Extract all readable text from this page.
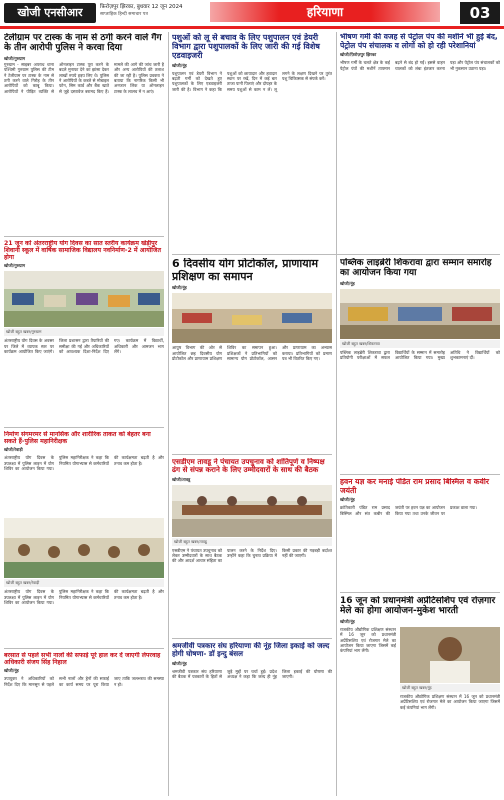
खोजी एनसीआर	फ़िरोज़पुर झिरका, बुधवार 12 जून 2024
साप्ताहिक हिन्दी समाचार पत्र	हरियाणा	03
टेलीग्राम पर टास्क के नाम से ठगी करने वाले गैंग के तीन आरोपी पुलिस ने करवा दिया
खोजी/गुरुग्राम
गुरुग्राम - साइबर अपराध थाना पश्चिमी गुरुग्राम पुलिस की टीम ने टेलीग्राम पर टास्क के नाम से ठगी करने वाले गिरोह के तीन आरोपियों को काबू किया। आरोपियों ने पीड़ित व्यक्ति से ऑनलाइन टास्क पूरा करने के बदले मुनाफा देने का झांसा देकर लाखों रुपये हड़प लिए थे। पुलिस ने आरोपियों के कब्जे से मोबाइल फोन, सिम कार्ड और बैंक खाते से जुड़े दस्तावेज बरामद किए हैं। मामले की आगे की जांच जारी है और अन्य आरोपियों की तलाश की जा रही है। पुलिस प्रवक्ता ने बताया कि नागरिक किसी भी अनजान लिंक या ऑनलाइन टास्क के लालच में न आएं।
21 जून को अंतरराष्ट्रीय योग दिवस का सात स्तरीय कार्यक्रम खेड़ीपुर शिवानी स्कूल में वार्षिक सामाजिक विद्यालय नवनिर्माण-2 में आयोजित होगा
खोजी/गुरुग्राम
खोजी बहुत खबर/गुरुग्राम
अंतरराष्ट्रीय योग दिवस के अवसर पर जिले में व्यापक स्तर पर कार्यक्रम आयोजित किए जाएंगे। जिला प्रशासन द्वारा तैयारियों की समीक्षा की गई और अधिकारियों को आवश्यक दिशा-निर्देश दिए गए। कार्यक्रम में विद्यार्थी, अधिकारी और आमजन भाग लेंगे।
निर्माण संगमरमर से मानसिक और शारीरिक ताकत को बेहतर बना सकते हैं-पुलिस महानिरीक्षक
खोजी/रेवाड़ी
अंतरराष्ट्रीय योग दिवस के उपलक्ष्य में पुलिस लाइन में योग शिविर का आयोजन किया गया। पुलिस महानिरीक्षक ने कहा कि नियमित योगाभ्यास से कर्मचारियों की कार्यक्षमता बढ़ती है और तनाव कम होता है।
खोजी बहुत खबर/रेवाड़ी
अंतरराष्ट्रीय योग दिवस के उपलक्ष्य में पुलिस लाइन में योग शिविर का आयोजन किया गया। पुलिस महानिरीक्षक ने कहा कि नियमित योगाभ्यास से कर्मचारियों की कार्यक्षमता बढ़ती है और तनाव कम होता है।
बरसात से पहले सभी नालों की सफाई पूरे हाल कर दें जाएगी लेपरवाह अधिकारी संजय सिंह निहाल
खोजी/नूंह
उपायुक्त ने अधिकारियों को निर्देश दिए कि मानसून से पहले सभी नालों और ड्रेनों की सफाई का कार्य समय पर पूरा किया जाए ताकि जलभराव की समस्या न हो।
पशुओं को लू से बचाव के लिए पशुपालन एवं डेयरी विभाग द्वारा पशुपालकों के लिए जारी की गई विशेष एडवाइजरी
खोजी/नूंह
पशुपालन एवं डेयरी विभाग ने बढ़ती गर्मी को देखते हुए पशुपालकों के लिए एडवाइजरी जारी की है। विभाग ने कहा कि पशुओं को छायादार और हवादार स्थान पर रखें, दिन में कई बार ताजा पानी पिलाएं और दोपहर के समय पशुओं से काम न लें। लू लगने के लक्षण दिखने पर तुरंत पशु चिकित्सक से संपर्क करें।
6 दिवसीय योग प्रोटोकॉल, प्राणायाम प्रशिक्षण का समापन
खोजी/नूंह
आयुष विभाग की ओर से आयोजित छह दिवसीय योग प्रोटोकॉल और प्राणायाम प्रशिक्षण शिविर का समापन हुआ। प्रशिक्षकों ने प्रतिभागियों को सामान्य योग प्रोटोकॉल, आसन और प्राणायाम का अभ्यास कराया। प्रतिभागियों को प्रमाण पत्र भी वितरित किए गए।
एसडीएम तावडू ने पंचायत उपचुनाव को शांतिपूर्ण व निष्पक्ष ढंग से संपन्न कराने के लिए उम्मीदवारों के साथ की बैठक
खोजी/तावडू
खोजी बहुत खबर/तावडू
एसडीएम ने पंचायत उपचुनाव को लेकर उम्मीदवारों के साथ बैठक की और आदर्श आचार संहिता का पालन करने के निर्देश दिए। उन्होंने कहा कि चुनाव प्रक्रिया में किसी प्रकार की गड़बड़ी बर्दाश्त नहीं की जाएगी।
श्रमजीवी पत्रकार संघ हरियाणा की नूंह जिला इकाई को जल्द होगी घोषणा- डॉ इन्दु बंसल
खोजी/नूंह
श्रमजीवी पत्रकार संघ हरियाणा की बैठक में पत्रकारों के हितों से जुड़े मुद्दों पर चर्चा हुई। प्रदेश अध्यक्ष ने कहा कि जल्द ही नूंह जिला इकाई की घोषणा की जाएगी।
भीषण गर्मी की वजह से पेट्रोल पंप की मशीनें भी हुई बंद, पेट्रोल पंप संचालक व लोगों को हो रही परेशानियां
खोजी/फ़िरोज़पुर झिरका
भीषण गर्मी के चलते क्षेत्र के कई पेट्रोल पंपों की मशीनें तापमान बढ़ने से बंद हो गईं। इससे वाहन चालकों को लंबा इंतजार करना पड़ा और पेट्रोल पंप संचालकों को भी नुकसान उठाना पड़ा।
पब्लिक लाइब्रेरी शिकरावा द्वारा सम्मान समारोह का आयोजन किया गया
खोजी/नूंह
खोजी बहुत खबर/शिकरावा
पब्लिक लाइब्रेरी शिकरावा द्वारा प्रतियोगी परीक्षाओं में सफल विद्यार्थियों के सम्मान में समारोह आयोजित किया गया। मुख्य अतिथि ने विद्यार्थियों को शुभकामनाएं दीं।
हवन यज्ञ कर मनाई पंडित राम प्रसाद बिस्मिल व कवीर जयंती
खोजी/नूंह
क्रांतिकारी पंडित राम प्रसाद बिस्मिल और संत कबीर की जयंती पर हवन यज्ञ का आयोजन किया गया तथा उनके जीवन पर प्रकाश डाला गया।
16 जून को प्रधानमंत्री अप्रेंटिसशिप एवं रोज़गार मेले का होगा आयोजन-मुकेश भारती
खोजी/नूंह
राजकीय औद्योगिक प्रशिक्षण संस्थान में 16 जून को प्रधानमंत्री अप्रेंटिसशिप एवं रोजगार मेले का आयोजन किया जाएगा जिसमें कई कंपनियां भाग लेंगी।
खोजी बहुत खबर/नूंह
राजकीय औद्योगिक प्रशिक्षण संस्थान में 16 जून को प्रधानमंत्री अप्रेंटिसशिप एवं रोजगार मेले का आयोजन किया जाएगा जिसमें कई कंपनियां भाग लेंगी।
